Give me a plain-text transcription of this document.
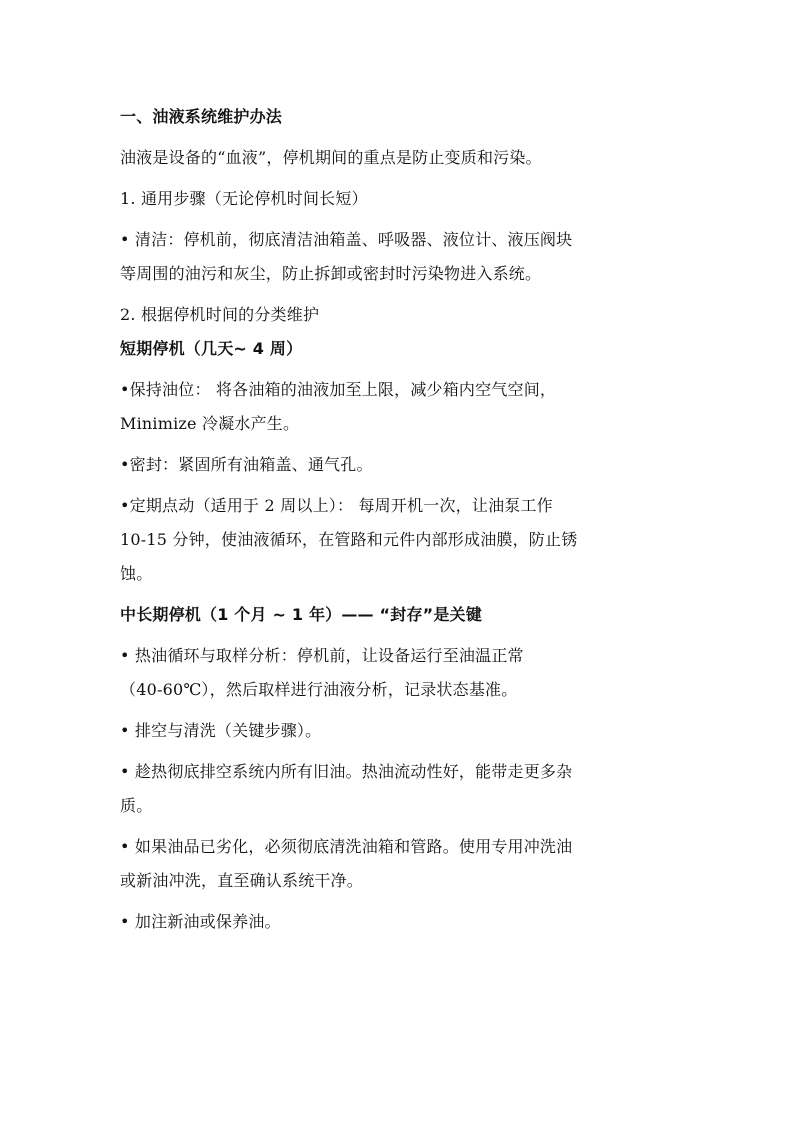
一、油液系统维护办法

油液是设备的“血液”，停机期间的重点是防止变质和污染。

1. 通用步骤（无论停机时间长短）

• 清洁：停机前，彻底清洁油箱盖、呼吸器、液位计、液压阀块

等周围的油污和灰尘，防止拆卸或密封时污染物进入系统。

2. 根据停机时间的分类维护

短期停机（几天~ 4 周）

•保持油位： 将各油箱的油液加至上限，减少箱内空气空间，

Minimize 冷凝水产生。

•密封：紧固所有油箱盖、通气孔。

•定期点动（适用于 2 周以上）： 每周开机一次，让油泵工作

10-15 分钟，使油液循环，在管路和元件内部形成油膜，防止锈

蚀。

中长期停机（1 个月 ~ 1 年）—— “封存”是关键

• 热油循环与取样分析：停机前，让设备运行至油温正常

（40-60℃），然后取样进行油液分析，记录状态基准。

• 排空与清洗（关键步骤）。

• 趁热彻底排空系统内所有旧油。热油流动性好，能带走更多杂

质。

• 如果油品已劣化，必须彻底清洗油箱和管路。使用专用冲洗油

或新油冲洗，直至确认系统干净。

• 加注新油或保养油。
